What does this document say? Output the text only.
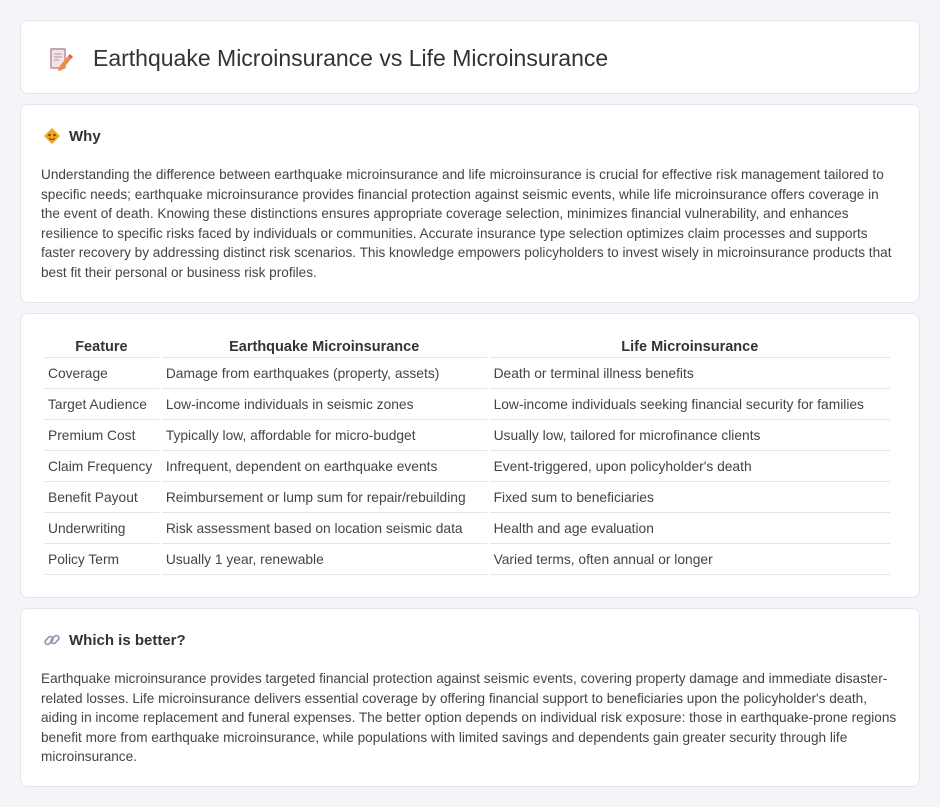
Earthquake Microinsurance vs Life Microinsurance
Why

Understanding the difference between earthquake microinsurance and life microinsurance is crucial for effective risk management tailored to specific needs; earthquake microinsurance provides financial protection against seismic events, while life microinsurance offers coverage in the event of death. Knowing these distinctions ensures appropriate coverage selection, minimizes financial vulnerability, and enhances resilience to specific risks faced by individuals or communities. Accurate insurance type selection optimizes claim processes and supports faster recovery by addressing distinct risk scenarios. This knowledge empowers policyholders to invest wisely in microinsurance products that best fit their personal or business risk profiles.

Feature	Earthquake Microinsurance	Life Microinsurance
Coverage	Damage from earthquakes (property, assets)	Death or terminal illness benefits
Target Audience	Low-income individuals in seismic zones	Low-income individuals seeking financial security for families
Premium Cost	Typically low, affordable for micro-budget	Usually low, tailored for microfinance clients
Claim Frequency	Infrequent, dependent on earthquake events	Event-triggered, upon policyholder's death
Benefit Payout	Reimbursement or lump sum for repair/rebuilding	Fixed sum to beneficiaries
Underwriting	Risk assessment based on location seismic data	Health and age evaluation
Policy Term	Usually 1 year, renewable	Varied terms, often annual or longer
Which is better?

Earthquake microinsurance provides targeted financial protection against seismic events, covering property damage and immediate disaster-related losses. Life microinsurance delivers essential coverage by offering financial support to beneficiaries upon the policyholder's death, aiding in income replacement and funeral expenses. The better option depends on individual risk exposure: those in earthquake-prone regions benefit more from earthquake microinsurance, while populations with limited savings and dependents gain greater security through life microinsurance.
